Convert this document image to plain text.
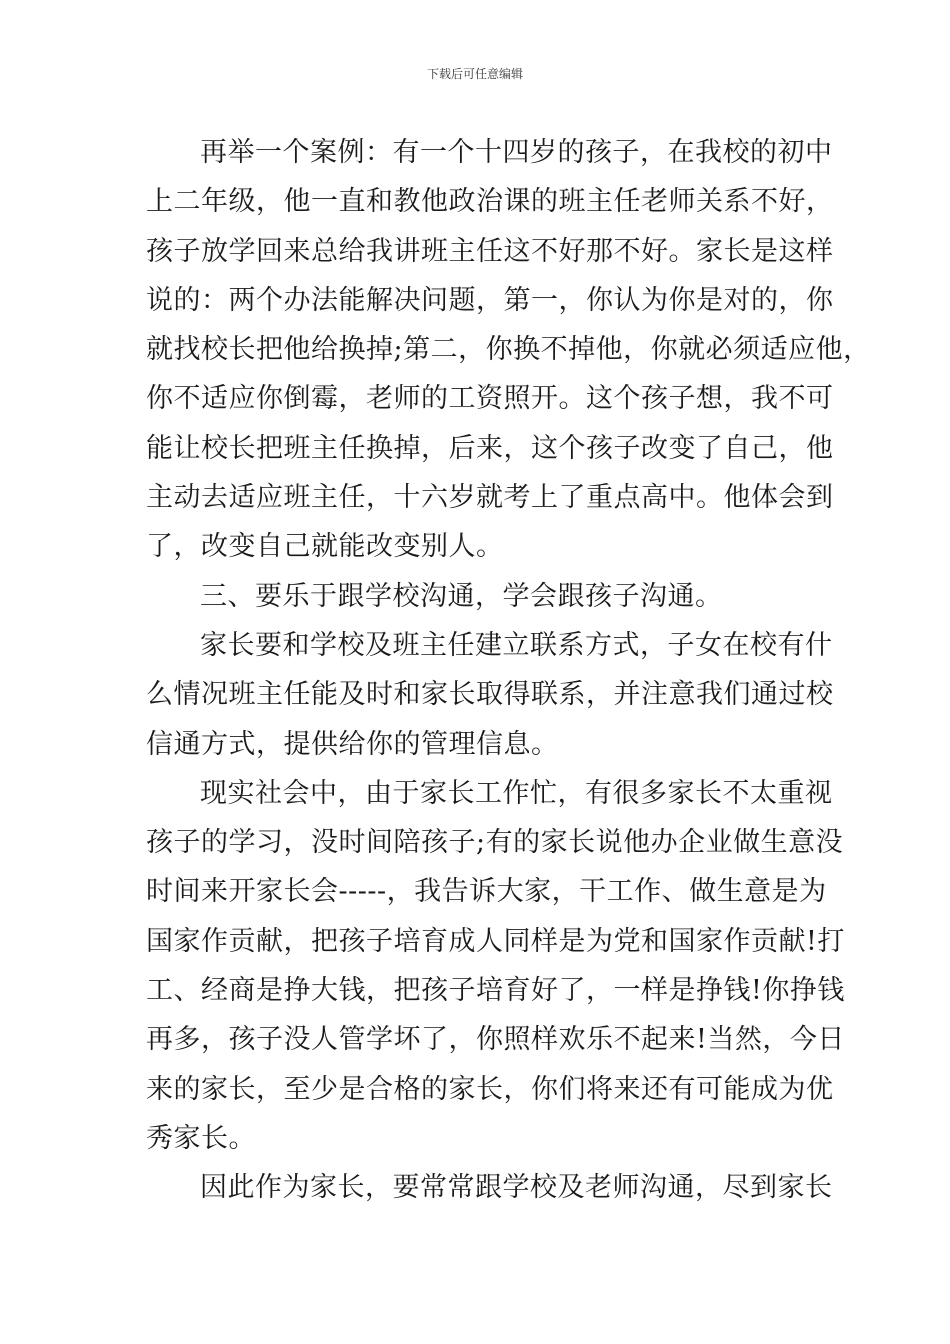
下载后可任意编辑

再举一个案例：有一个十四岁的孩子，在我校的初中
上二年级，他一直和教他政治课的班主任老师关系不好，
孩子放学回来总给我讲班主任这不好那不好。家长是这样
说的：两个办法能解决问题，第一，你认为你是对的，你
就找校长把他给换掉;第二，你换不掉他，你就必须适应他，
你不适应你倒霉，老师的工资照开。这个孩子想，我不可
能让校长把班主任换掉，后来，这个孩子改变了自己，他
主动去适应班主任，十六岁就考上了重点高中。他体会到
了，改变自己就能改变别人。

三、要乐于跟学校沟通，学会跟孩子沟通。

家长要和学校及班主任建立联系方式，子女在校有什
么情况班主任能及时和家长取得联系，并注意我们通过校
信通方式，提供给你的管理信息。

现实社会中，由于家长工作忙，有很多家长不太重视
孩子的学习，没时间陪孩子;有的家长说他办企业做生意没
时间来开家长会-----，我告诉大家，干工作、做生意是为
国家作贡献，把孩子培育成人同样是为党和国家作贡献!打
工、经商是挣大钱，把孩子培育好了，一样是挣钱!你挣钱
再多，孩子没人管学坏了，你照样欢乐不起来!当然，今日
来的家长，至少是合格的家长，你们将来还有可能成为优
秀家长。

因此作为家长，要常常跟学校及老师沟通，尽到家长
